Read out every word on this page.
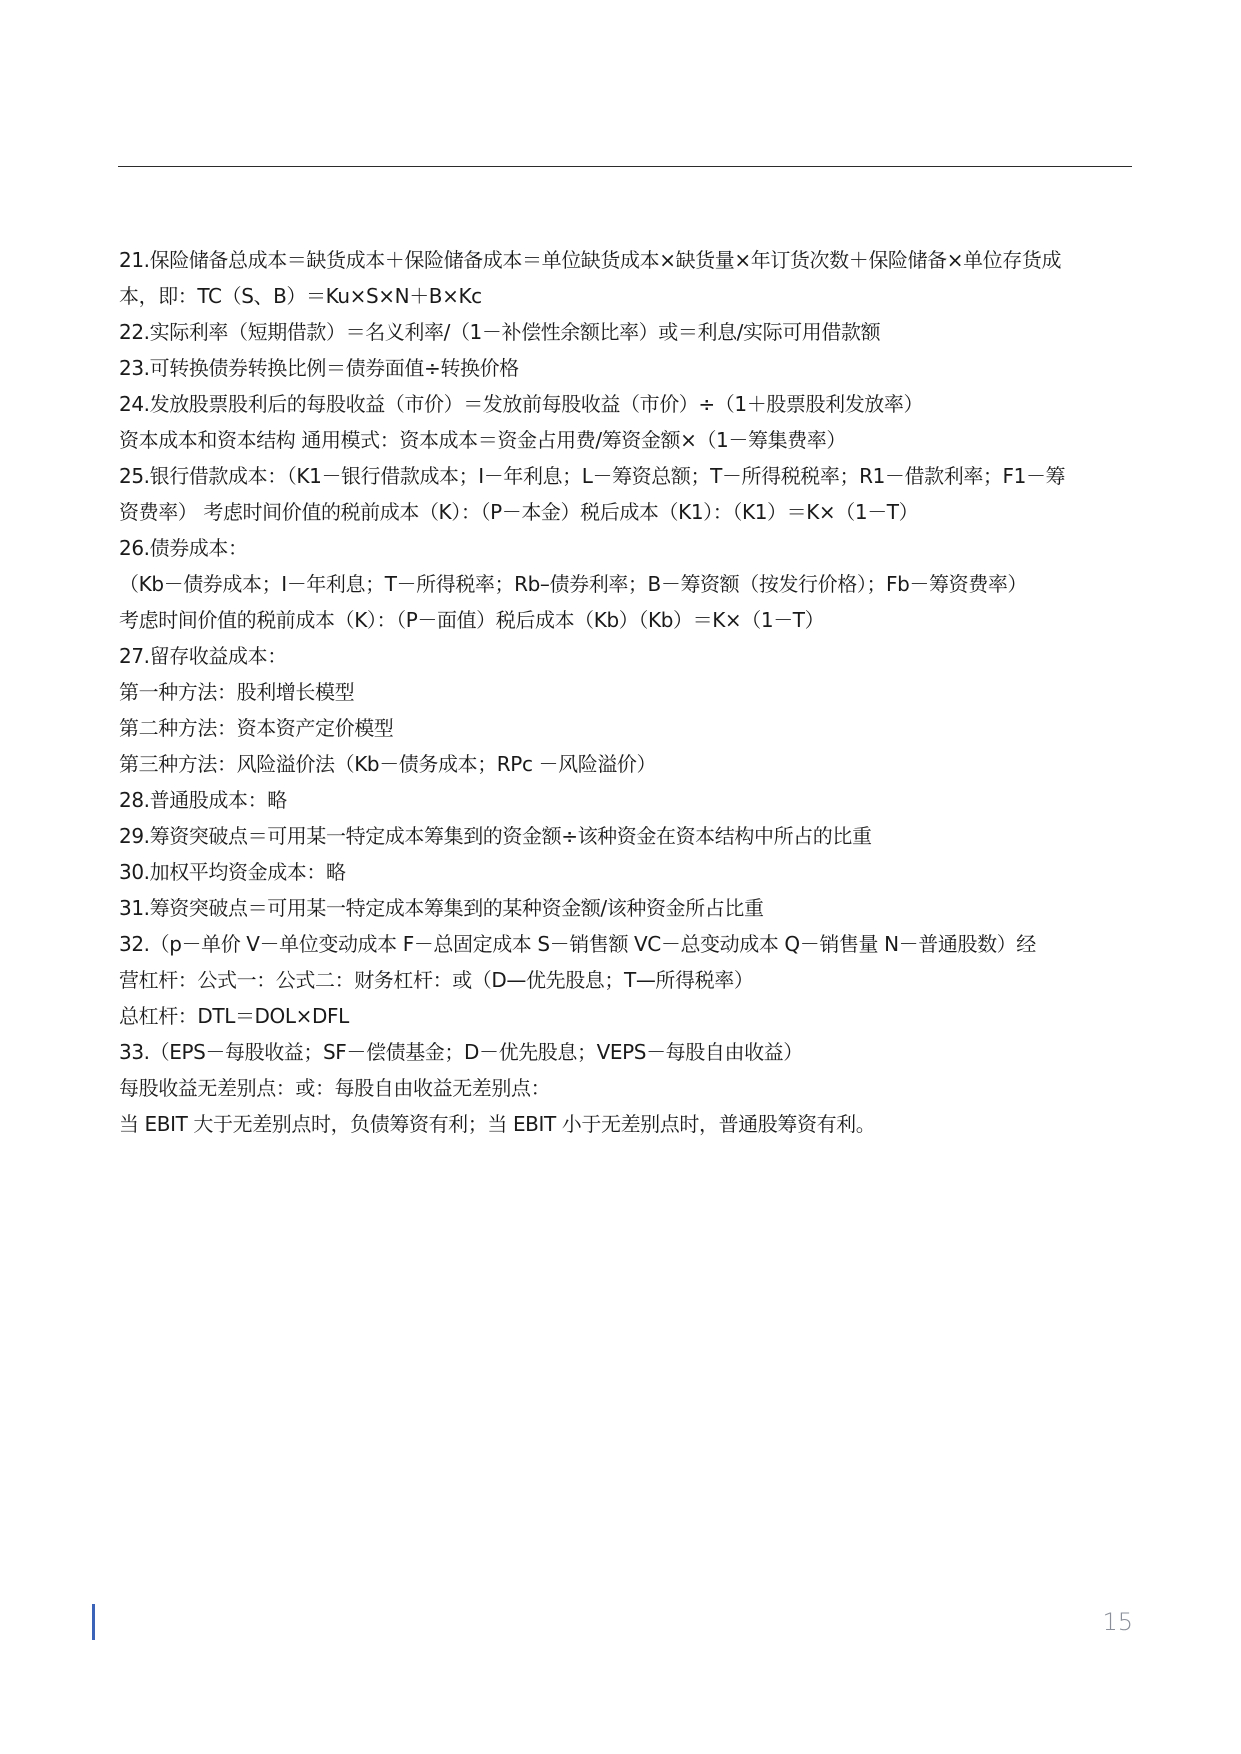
21.保险储备总成本＝缺货成本＋保险储备成本＝单位缺货成本×缺货量×年订货次数＋保险储备×单位存货成
本，即：TC（S、B）＝Ku×S×N＋B×Kc
22.实际利率（短期借款）＝名义利率/（1－补偿性余额比率）或＝利息/实际可用借款额
23.可转换债券转换比例＝债券面值÷转换价格
24.发放股票股利后的每股收益（市价）＝发放前每股收益（市价）÷（1＋股票股利发放率）
资本成本和资本结构 通用模式：资本成本＝资金占用费/筹资金额×（1－筹集费率）
25.银行借款成本：（K1－银行借款成本；I－年利息；L－筹资总额；T－所得税税率；R1－借款利率；F1－筹
资费率） 考虑时间价值的税前成本（K）：（P－本金）税后成本（K1）：（K1）＝K×（1－T）
26.债券成本：
（Kb－债券成本；I－年利息；T－所得税率；Rb–债券利率；B－筹资额（按发行价格）；Fb－筹资费率）
考虑时间价值的税前成本（K）：（P－面值）税后成本（Kb）（Kb）＝K×（1－T）
27.留存收益成本：
第一种方法：股利增长模型
第二种方法：资本资产定价模型
第三种方法：风险溢价法（Kb－债务成本；RPc －风险溢价）
28.普通股成本：略
29.筹资突破点＝可用某一特定成本筹集到的资金额÷该种资金在资本结构中所占的比重
30.加权平均资金成本：略
31.筹资突破点＝可用某一特定成本筹集到的某种资金额/该种资金所占比重
32.（p－单价 V－单位变动成本 F－总固定成本 S－销售额 VC－总变动成本 Q－销售量 N－普通股数）经
营杠杆：公式一：公式二：财务杠杆：或（D—优先股息；T—所得税率）
总杠杆：DTL＝DOL×DFL
33.（EPS－每股收益；SF－偿债基金；D－优先股息；VEPS－每股自由收益）
每股收益无差别点：或：每股自由收益无差别点：
当 EBIT 大于无差别点时，负债筹资有利；当 EBIT 小于无差别点时，普通股筹资有利。
15
